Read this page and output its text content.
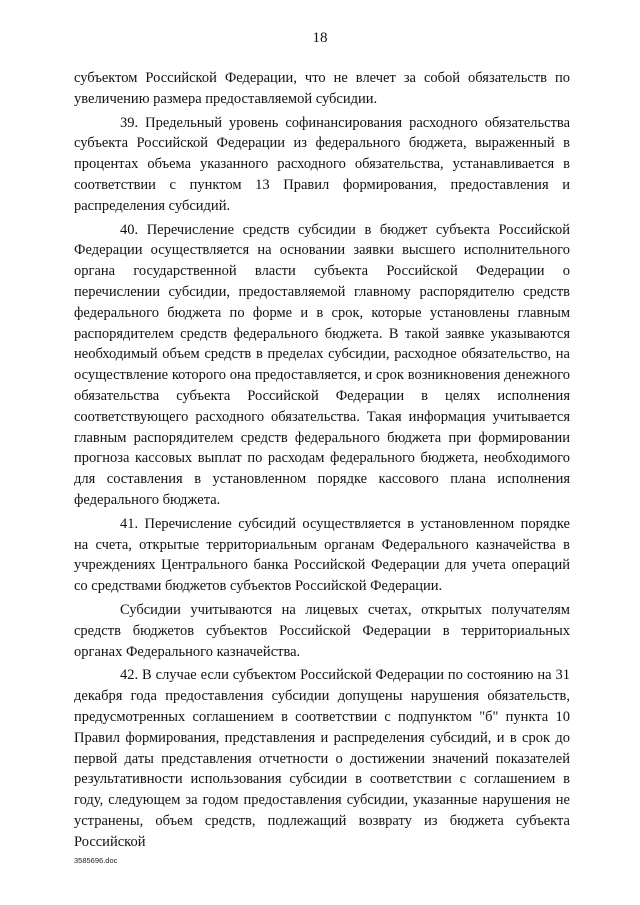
18

субъектом Российской Федерации, что не влечет за собой обязательств по увеличению размера предоставляемой субсидии.

39. Предельный уровень софинансирования расходного обязательства субъекта Российской Федерации из федерального бюджета, выраженный в процентах объема указанного расходного обязательства, устанавливается в соответствии с пунктом 13 Правил формирования, предоставления и распределения субсидий.

40. Перечисление средств субсидии в бюджет субъекта Российской Федерации осуществляется на основании заявки высшего исполнительного органа государственной власти субъекта Российской Федерации о перечислении субсидии, предоставляемой главному распорядителю средств федерального бюджета по форме и в срок, которые установлены главным распорядителем средств федерального бюджета. В такой заявке указываются необходимый объем средств в пределах субсидии, расходное обязательство, на осуществление которого она предоставляется, и срок возникновения денежного обязательства субъекта Российской Федерации в целях исполнения соответствующего расходного обязательства. Такая информация учитывается главным распорядителем средств федерального бюджета при формировании прогноза кассовых выплат по расходам федерального бюджета, необходимого для составления в установленном порядке кассового плана исполнения федерального бюджета.

41. Перечисление субсидий осуществляется в установленном порядке на счета, открытые территориальным органам Федерального казначейства в учреждениях Центрального банка Российской Федерации для учета операций со средствами бюджетов субъектов Российской Федерации.

Субсидии учитываются на лицевых счетах, открытых получателям средств бюджетов субъектов Российской Федерации в территориальных органах Федерального казначейства.

42. В случае если субъектом Российской Федерации по состоянию на 31 декабря года предоставления субсидии допущены нарушения обязательств, предусмотренных соглашением в соответствии с подпунктом "б" пункта 10 Правил формирования, представления и распределения субсидий, и в срок до первой даты представления отчетности о достижении значений показателей результативности использования субсидии в соответствии с соглашением в году, следующем за годом предоставления субсидии, указанные нарушения не устранены, объем средств, подлежащий возврату из бюджета субъекта Российской

3585696.doc
